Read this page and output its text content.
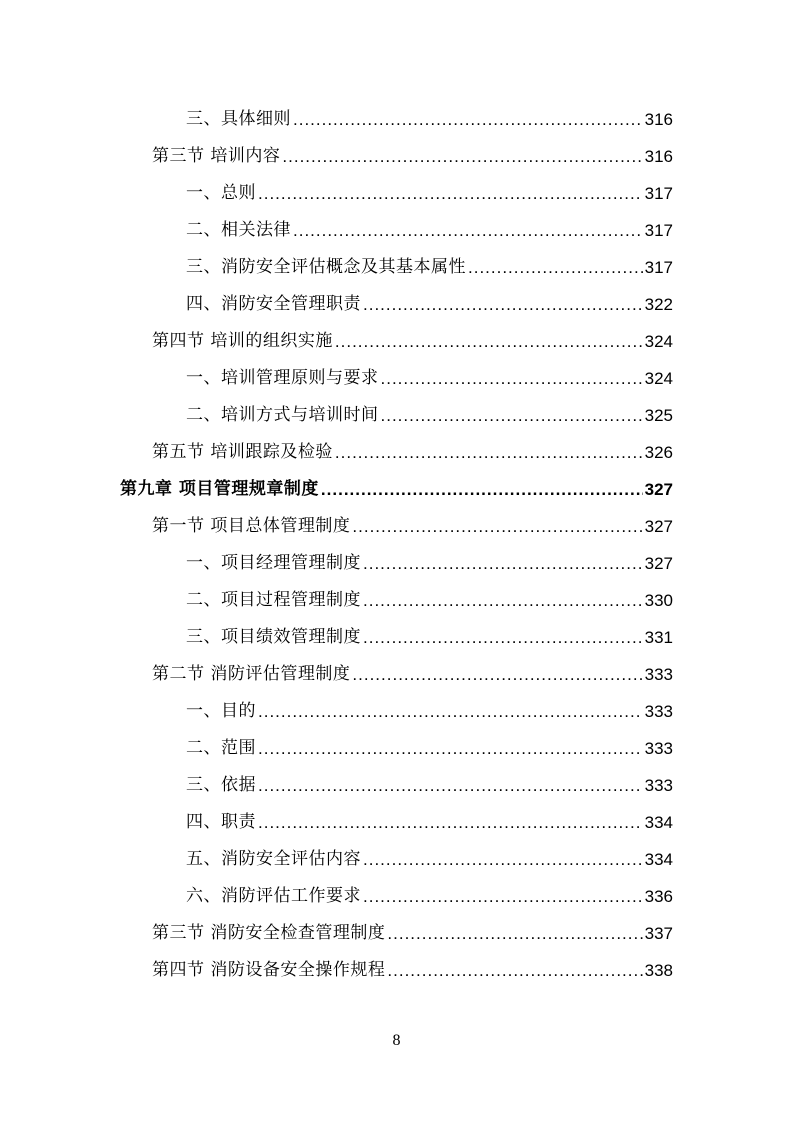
三、具体细则 .....	316
第三节 培训内容 .....	316
一、总则 .....	317
二、相关法律 .....	317
三、消防安全评估概念及其基本属性 .....	317
四、消防安全管理职责 .....	322
第四节 培训的组织实施 .....	324
一、培训管理原则与要求 .....	324
二、培训方式与培训时间 .....	325
第五节 培训跟踪及检验 .....	326
第九章 项目管理规章制度 .....	327
第一节 项目总体管理制度 .....	327
一、项目经理管理制度 .....	327
二、项目过程管理制度 .....	330
三、项目绩效管理制度 .....	331
第二节 消防评估管理制度 .....	333
一、目的 .....	333
二、范围 .....	333
三、依据 .....	333
四、职责 .....	334
五、消防安全评估内容 .....	334
六、消防评估工作要求 .....	336
第三节 消防安全检查管理制度 .....	337
第四节 消防设备安全操作规程 .....	338
8
